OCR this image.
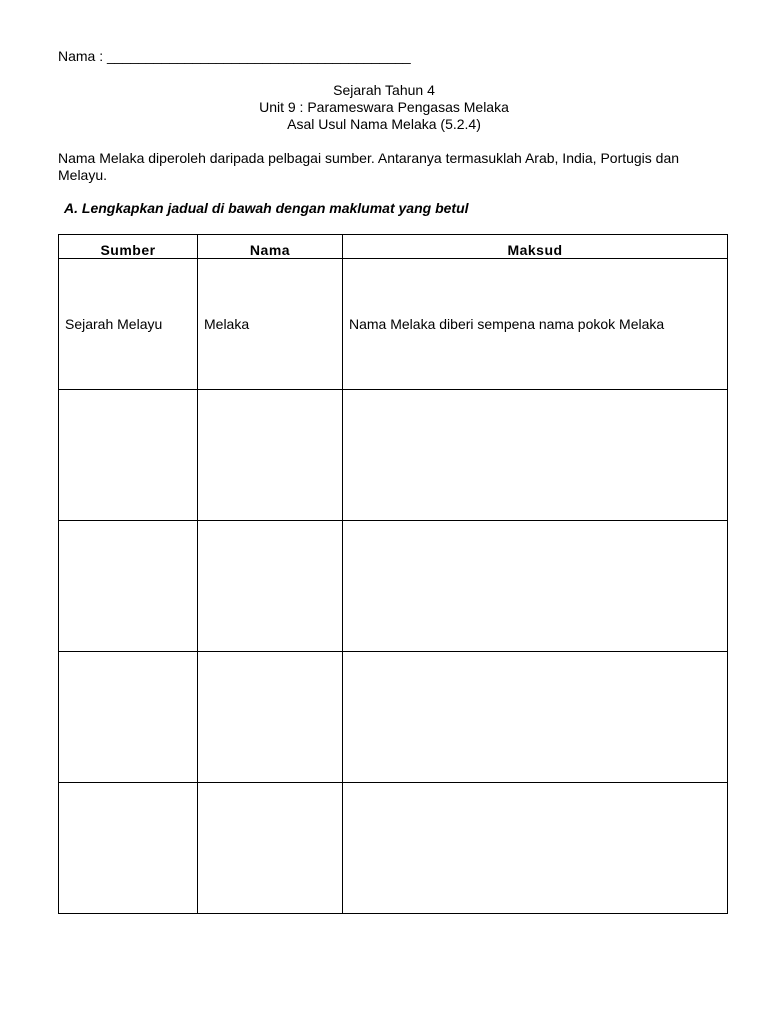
Nama : _______________________________________
Sejarah Tahun 4
Unit 9 : Parameswara Pengasas Melaka
Asal Usul Nama Melaka (5.2.4)
Nama Melaka diperoleh daripada pelbagai sumber. Antaranya termasuklah Arab, India, Portugis dan Melayu.
A. Lengkapkan jadual di bawah dengan maklumat yang betul
Sumber	Nama	Maksud
Sejarah Melayu	Melaka	Nama Melaka diberi sempena nama pokok Melaka
